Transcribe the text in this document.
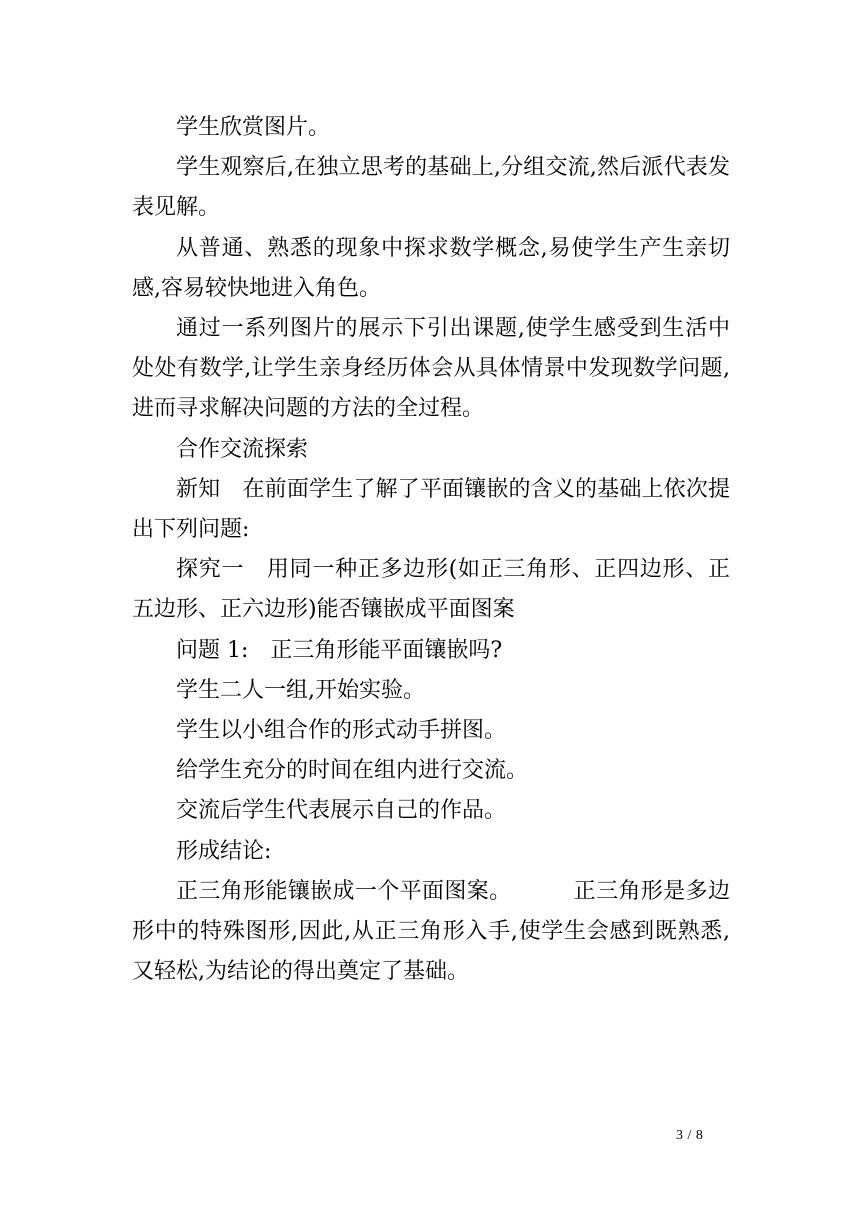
学生欣赏图片。

学生观察后,在独立思考的基础上,分组交流,然后派代表发表见解。

从普通、熟悉的现象中探求数学概念,易使学生产生亲切感,容易较快地进入角色。

通过一系列图片的展示下引出课题,使学生感受到生活中处处有数学,让学生亲身经历体会从具体情景中发现数学问题,进而寻求解决问题的方法的全过程。

合作交流探索

新知 在前面学生了解了平面镶嵌的含义的基础上依次提出下列问题:

探究一 用同一种正多边形(如正三角形、正四边形、正五边形、正六边形)能否镶嵌成平面图案

问题 1: 正三角形能平面镶嵌吗?

学生二人一组,开始实验。

学生以小组合作的形式动手拼图。

给学生充分的时间在组内进行交流。

交流后学生代表展示自己的作品。

形成结论:

正三角形能镶嵌成一个平面图案。	正三角形是多边形中的特殊图形,因此,从正三角形入手,使学生会感到既熟悉,又轻松,为结论的得出奠定了基础。

3 / 8
